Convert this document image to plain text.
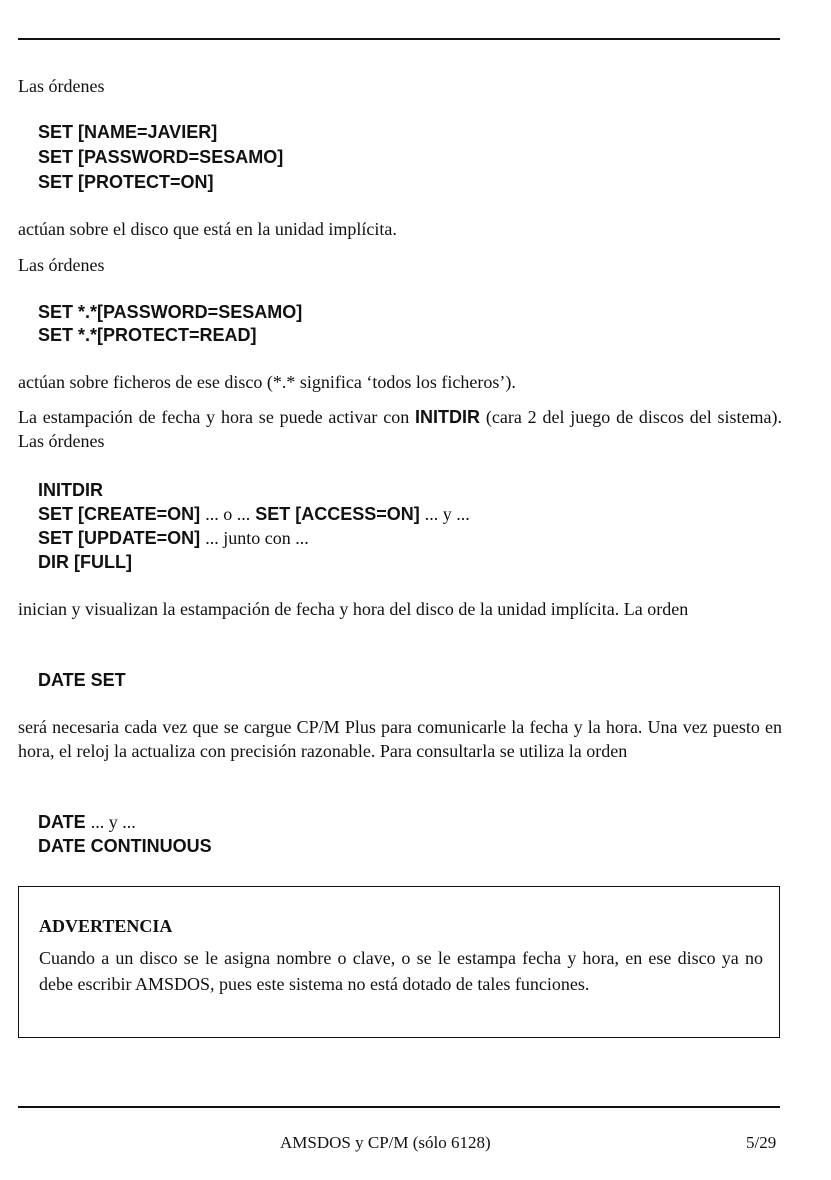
Las órdenes

SET [NAME=JAVIER]
SET [PASSWORD=SESAMO]
SET [PROTECT=ON]

actúan sobre el disco que está en la unidad implícita.

Las órdenes

SET *.*[PASSWORD=SESAMO]
SET *.*[PROTECT=READ]

actúan sobre ficheros de ese disco (*.* significa ‘todos los ficheros’).

La estampación de fecha y hora se puede activar con INITDIR (cara 2 del juego de discos del sistema). Las órdenes

INITDIR
SET [CREATE=ON] ... o ... SET [ACCESS=ON] ... y ...
SET [UPDATE=ON] ... junto con ...
DIR [FULL]

inician y visualizan la estampación de fecha y hora del disco de la unidad implícita. La orden

DATE SET

será necesaria cada vez que se cargue CP/M Plus para comunicarle la fecha y la hora. Una vez puesto en hora, el reloj la actualiza con precisión razonable. Para consultarla se utiliza la orden

DATE ... y ...
DATE CONTINUOUS
ADVERTENCIA

Cuando a un disco se le asigna nombre o clave, o se le estampa fecha y hora, en ese disco ya no debe escribir AMSDOS, pues este sistema no está dotado de tales funciones.

AMSDOS y CP/M (sólo 6128)	5/29
